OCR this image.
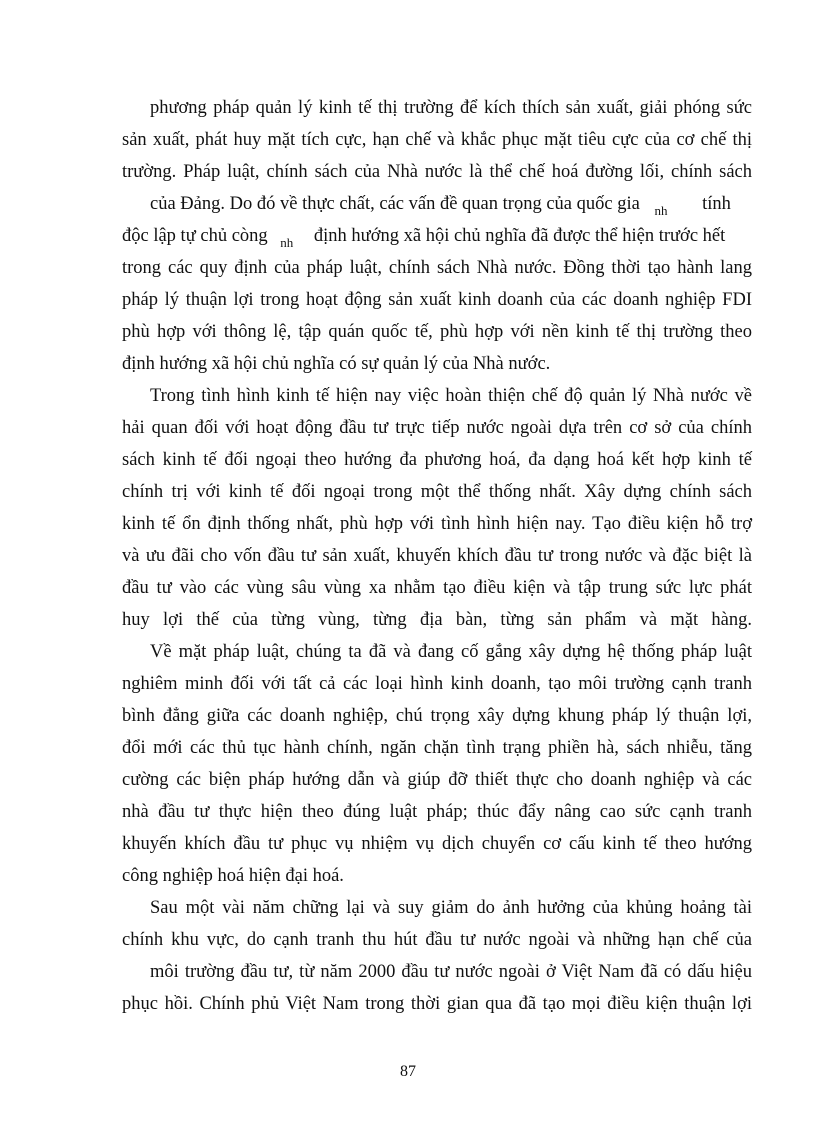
phương pháp quản lý kinh tế thị trường để kích thích sản xuất, giải phóng sức
sản xuất, phát huy mặt tích cực, hạn chế và khắc phục mặt tiêu cực của cơ chế thị
trường. Pháp luật, chính sách của Nhà nước là thể chế hoá đường lối, chính sách
của Đảng. Do đó về thực chất, các vấn đề quan trọng của quốc gia $_{nh}$ tính
độc lập tự chủ còng $_{nh}$ định hướng xã hội chủ nghĩa đã được thể hiện trước hết
trong các quy định của pháp luật, chính sách Nhà nước. Đồng thời tạo hành lang
pháp lý thuận lợi trong hoạt động sản xuất kinh doanh của các doanh nghiệp FDI
phù hợp với thông lệ, tập quán quốc tế, phù hợp với nền kinh tế thị trường theo
định hướng xã hội chủ nghĩa có sự quản lý của Nhà nước.
Trong tình hình kinh tế hiện nay việc hoàn thiện chế độ quản lý Nhà nước về
hải quan đối với hoạt động đầu tư trực tiếp nước ngoài dựa trên cơ sở của chính
sách kinh tế đối ngoại theo hướng đa phương hoá, đa dạng hoá kết hợp kinh tế
chính trị với kinh tế đối ngoại trong một thể thống nhất. Xây dựng chính sách
kinh tế ổn định thống nhất, phù hợp với tình hình hiện nay. Tạo điều kiện hỗ trợ
và ưu đãi cho vốn đầu tư sản xuất, khuyến khích đầu tư trong nước và đặc biệt là
đầu tư vào các vùng sâu vùng xa nhằm tạo điều kiện và tập trung sức lực phát
huy lợi thế của từng vùng, từng địa bàn, từng sản phẩm và mặt hàng.
Về mặt pháp luật, chúng ta đã và đang cố gắng xây dựng hệ thống pháp luật
nghiêm minh đối với tất cả các loại hình kinh doanh, tạo môi trường cạnh tranh
bình đẳng giữa các doanh nghiệp, chú trọng xây dựng khung pháp lý thuận lợi,
đổi mới các thủ tục hành chính, ngăn chặn tình trạng phiền hà, sách nhiễu, tăng
cường các biện pháp hướng dẫn và giúp đỡ thiết thực cho doanh nghiệp và các
nhà đầu tư thực hiện theo đúng luật pháp; thúc đẩy nâng cao sức cạnh tranh
khuyến khích đầu tư phục vụ nhiệm vụ dịch chuyển cơ cấu kinh tế theo hướng
công nghiệp hoá hiện đại hoá.
Sau một vài năm chững lại và suy giảm do ảnh hưởng của khủng hoảng tài
chính khu vực, do cạnh tranh thu hút đầu tư nước ngoài và những hạn chế của
môi trường đầu tư, từ năm 2000 đầu tư nước ngoài ở Việt Nam đã có dấu hiệu
phục hồi. Chính phủ Việt Nam trong thời gian qua đã tạo mọi điều kiện thuận lợi
87
